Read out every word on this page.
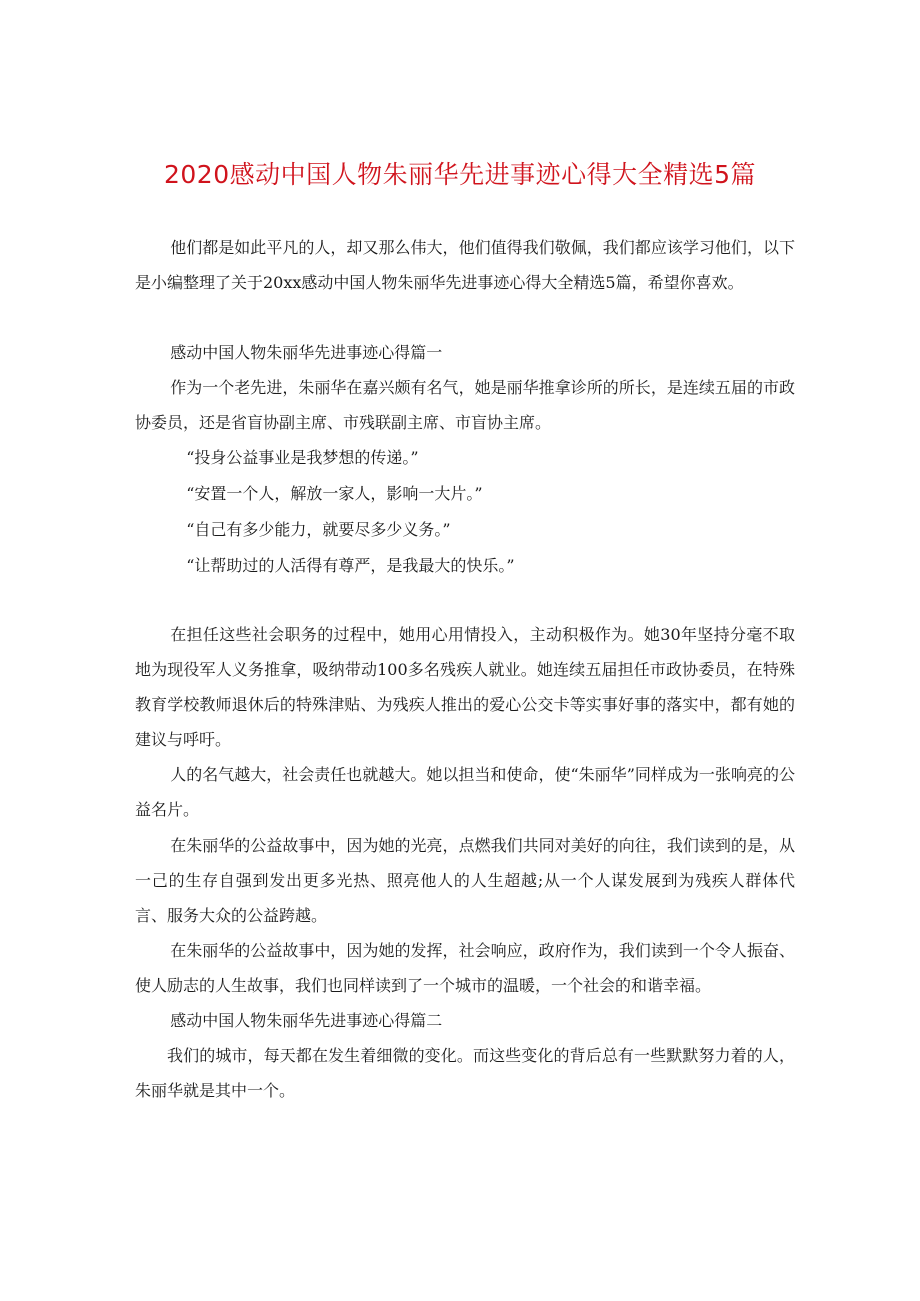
2020感动中国人物朱丽华先进事迹心得大全精选5篇

他们都是如此平凡的人，却又那么伟大，他们值得我们敬佩，我们都应该学习他们，以下是小编整理了关于20xx感动中国人物朱丽华先进事迹心得大全精选5篇，希望你喜欢。

感动中国人物朱丽华先进事迹心得篇一

作为一个老先进，朱丽华在嘉兴颇有名气，她是丽华推拿诊所的所长，是连续五届的市政协委员，还是省盲协副主席、市残联副主席、市盲协主席。

“投身公益事业是我梦想的传递。”

“安置一个人，解放一家人，影响一大片。”

“自己有多少能力，就要尽多少义务。”

“让帮助过的人活得有尊严，是我最大的快乐。”

在担任这些社会职务的过程中，她用心用情投入，主动积极作为。她30年坚持分毫不取地为现役军人义务推拿，吸纳带动100多名残疾人就业。她连续五届担任市政协委员，在特殊教育学校教师退休后的特殊津贴、为残疾人推出的爱心公交卡等实事好事的落实中，都有她的建议与呼吁。

人的名气越大，社会责任也就越大。她以担当和使命，使“朱丽华”同样成为一张响亮的公益名片。

在朱丽华的公益故事中，因为她的光亮，点燃我们共同对美好的向往，我们读到的是，从一己的生存自强到发出更多光热、照亮他人的人生超越;从一个人谋发展到为残疾人群体代言、服务大众的公益跨越。

在朱丽华的公益故事中，因为她的发挥，社会响应，政府作为，我们读到一个令人振奋、使人励志的人生故事，我们也同样读到了一个城市的温暖，一个社会的和谐幸福。

感动中国人物朱丽华先进事迹心得篇二

我们的城市，每天都在发生着细微的变化。而这些变化的背后总有一些默默努力着的人，朱丽华就是其中一个。
